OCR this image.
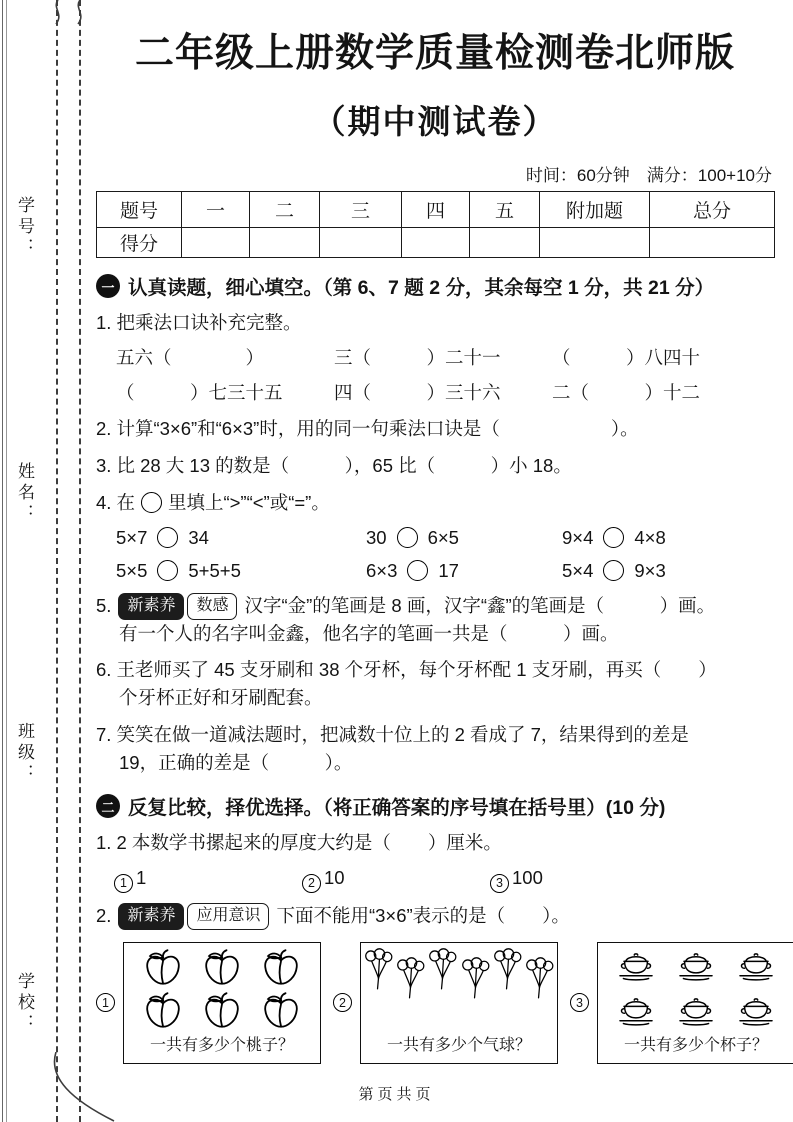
学号：
姓名：
班级：
学校：
二年级上册数学质量检测卷北师版
（期中测试卷）
时间：60分钟　满分：100+10分
题号	一	二	三	四	五	附加题	总分
得分							
一 认真读题，细心填空。（第 6、7 题 2 分，其余每空 1 分，共 21 分）
1. 把乘法口诀补充完整。
五六（　　　　）	三（　　　）二十一	（　　　）八四十
（　　　）七三十五	四（　　　）三十六	二（　　　）十二
2. 计算“3×6”和“6×3”时，用的同一句乘法口诀是（　　　　　　）。
3. 比 28 大 13 的数是（　　　），65 比（　　　）小 18。
4. 在 里填上“>”“<”或“=”。
5×7 34	30 6×5	9×4 4×8
5×5 5+5+5	6×3 17	5×4 9×3
5. 新素养 数感 汉字“金”的笔画是 8 画，汉字“鑫”的笔画是（　　　）画。
有一个人的名字叫金鑫，他名字的笔画一共是（　　　）画。
6. 王老师买了 45 支牙刷和 38 个牙杯，每个牙杯配 1 支牙刷，再买（　　）
个牙杯正好和牙刷配套。
7. 笑笑在做一道减法题时，把减数十位上的 2 看成了 7，结果得到的差是
19，正确的差是（　　　）。
二 反复比较，择优选择。（将正确答案的序号填在括号里）(10 分)
1. 2 本数学书摞起来的厚度大约是（　　）厘米。
1 1	2 10	3 100
2. 新素养 应用意识 下面不能用“3×6”表示的是（　　）。
1
一共有多少个桃子？
2
一共有多少个气球？
3
一共有多少个杯子？
第页共页
